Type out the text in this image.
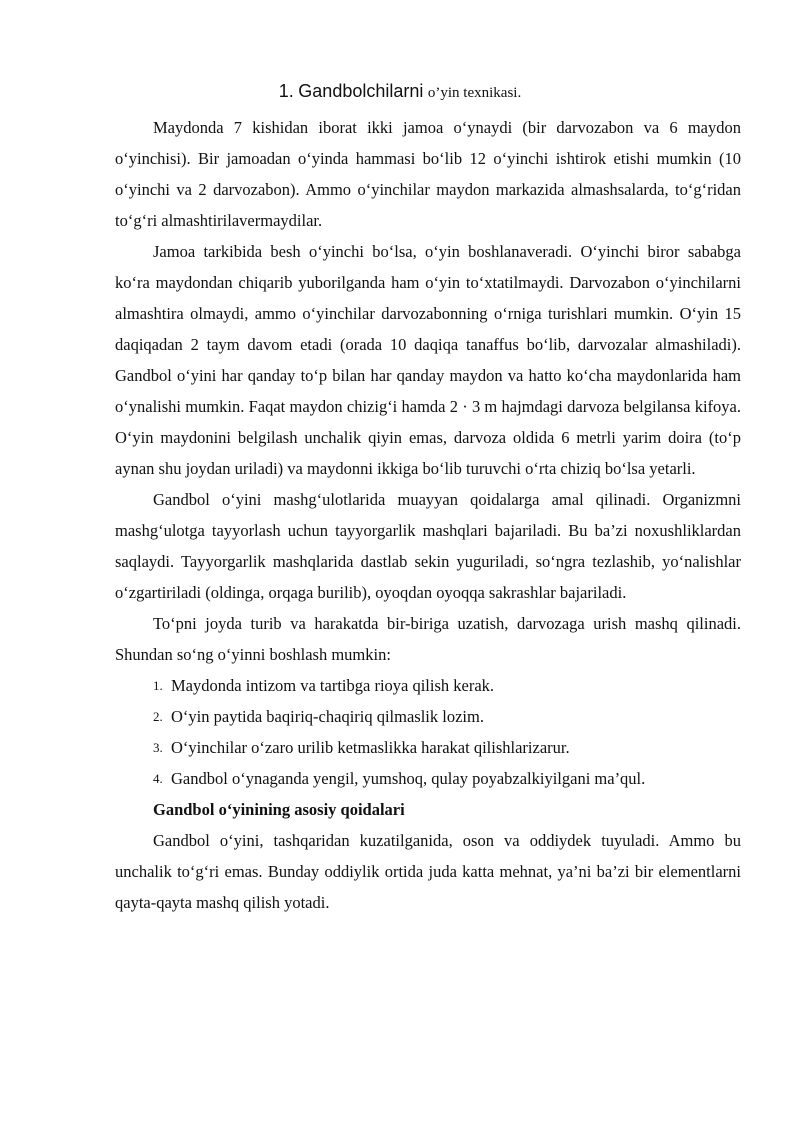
1. Gandbolchilarni o’yin texnikasi.

Maydonda 7 kishidan iborat ikki jamoa o‘ynaydi (bir darvozabon va 6 maydon o‘yinchisi). Bir jamoadan o‘yinda hammasi bo‘lib 12 o‘yinchi ishtirok etishi mumkin (10 o‘yinchi va 2 darvozabon). Ammo o‘yinchilar maydon markazida almashsalarda, to‘g‘ridan to‘g‘ri almashtirilavermaydilar.

Jamoa tarkibida besh o‘yinchi bo‘lsa, o‘yin boshlanaveradi. O‘yinchi biror sababga ko‘ra maydondan chiqarib yuborilganda ham o‘yin to‘xtatilmaydi. Darvozabon o‘yinchilarni almashtira olmaydi, ammo o‘yinchilar darvozabonning o‘rniga turishlari mumkin. O‘yin 15 daqiqadan 2 taym davom etadi (orada 10 daqiqa tanaffus bo‘lib, darvozalar almashiladi). Gandbol o‘yini har qanday to‘p bilan har qanday maydon va hatto ko‘cha maydonlarida ham o‘ynalishi mumkin. Faqat maydon chizig‘i hamda 2 · 3 m hajmdagi darvoza belgilansa kifoya. O‘yin maydonini belgilash unchalik qiyin emas, darvoza oldida 6 metrli yarim doira (to‘p aynan shu joydan uriladi) va maydonni ikkiga bo‘lib turuvchi o‘rta chiziq bo‘lsa yetarli.

Gandbol o‘yini mashg‘ulotlarida muayyan qoidalarga amal qilinadi. Organizmni mashg‘ulotga tayyorlash uchun tayyorgarlik mashqlari bajariladi. Bu ba’zi noxushliklardan saqlaydi. Tayyorgarlik mashqlarida dastlab sekin yuguriladi, so‘ngra tezlashib, yo‘nalishlar o‘zgartiriladi (oldinga, orqaga burilib), oyoqdan oyoqqa sakrashlar bajariladi.

To‘pni joyda turib va harakatda bir-biriga uzatish, darvozaga urish mashq qilinadi. Shundan so‘ng o‘yinni boshlash mumkin:

1. Maydonda intizom va tartibga rioya qilish kerak.
2. O‘yin paytida baqiriq-chaqiriq qilmaslik lozim.
3. O‘yinchilar o‘zaro urilib ketmaslikka harakat qilishlarizarur.
4. Gandbol o‘ynaganda yengil, yumshoq, qulay poyabzalkiyilgani ma’qul.

Gandbol o‘yinining asosiy qoidalari

Gandbol o‘yini, tashqaridan kuzatilganida, oson va oddiydek tuyuladi. Ammo bu unchalik to‘g‘ri emas. Bunday oddiylik ortida juda katta mehnat, ya’ni ba’zi bir elementlarni qayta-qayta mashq qilish yotadi.
